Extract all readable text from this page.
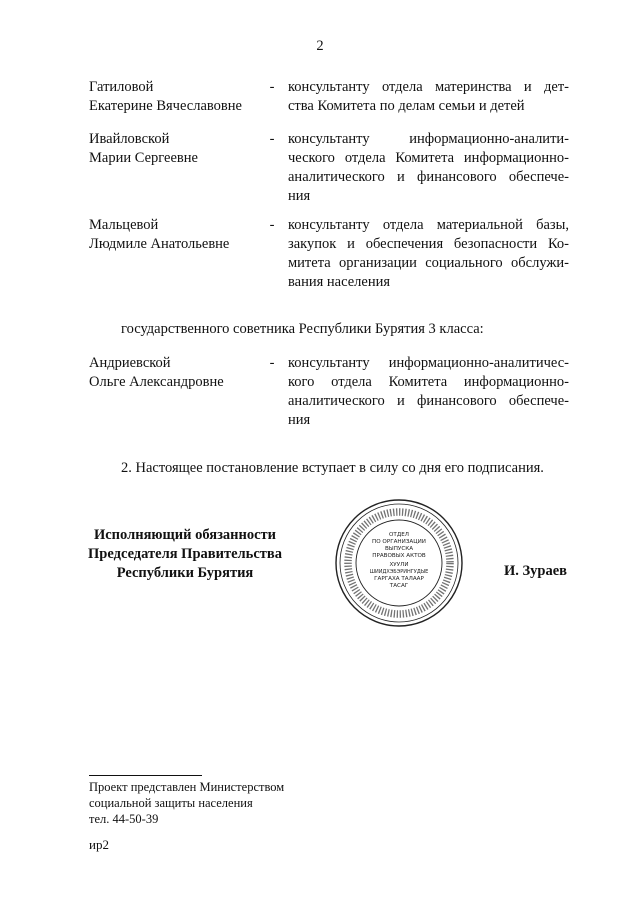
2
Гатиловой
Екатерине Вячеславовне
- консультанту отдела материнства и дет-
ства Комитета по делам семьи и детей
Ивайловской
Марии Сергеевне
- консультанту информационно-аналити-
ческого отдела Комитета информационно-
аналитического и финансового обеспече-
ния
Мальцевой
Людмиле Анатольевне
- консультанту отдела материальной базы,
закупок и обеспечения безопасности Ко-
митета организации социального обслужи-
вания населения
государственного советника Республики Бурятия 3 класса:
Андриевской
Ольге Александровне
- консультанту информационно-аналитичес-
кого отдела Комитета информационно-
аналитического и финансового обеспече-
ния
2. Настоящее постановление вступает в силу со дня его подписания.
Исполняющий обязанности
Председателя Правительства
Республики Бурятия
ОТДЕЛ
ПО ОРГАНИЗАЦИИ
ВЫПУСКА
ПРАВОВЫХ АКТОВ
ХУУЛИ
ШИИДХЭБЭРИНГУДЫЕ
ГАРГАХА ТАЛААР
ТАСАГ
И. Зураев
Проект представлен Министерством
социальной защиты населения
тел. 44-50-39
ир2
